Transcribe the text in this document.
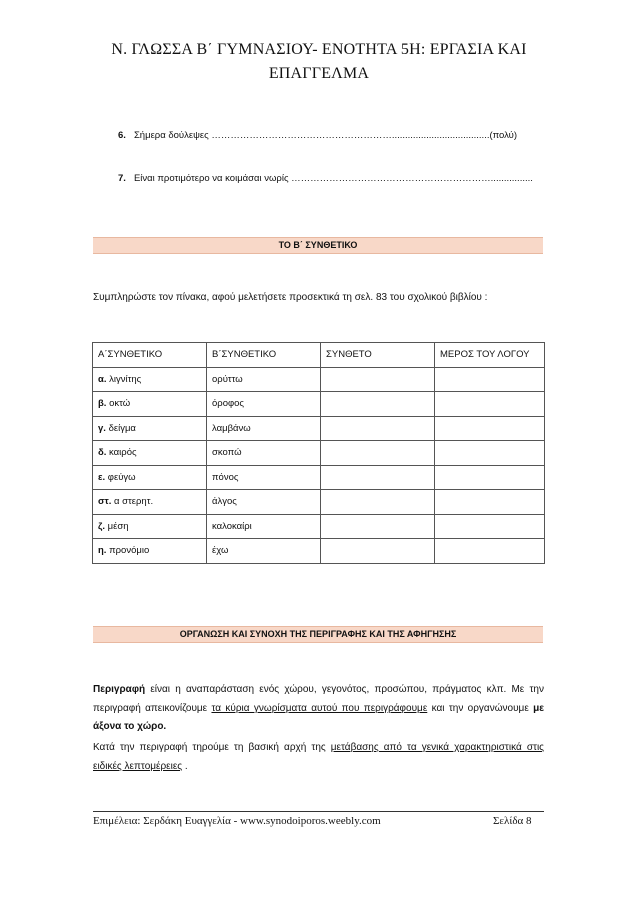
Ν. ΓΛΩΣΣΑ Β΄ ΓΥΜΝΑΣΙΟΥ- ΕΝΟΤΗΤΑ 5Η: ΕΡΓΑΣΙΑ ΚΑΙ
ΕΠΑΓΓΕΛΜΑ
6. Σήμερα δούλεψες ………………………………………………….....................................(πολύ)
7. Είναι προτιμότερο να κοιμάσαι νωρίς ………………………………………………………................
ΤΟ Β΄ ΣΥΝΘΕΤΙΚΟ
Συμπληρώστε τον πίνακα, αφού μελετήσετε προσεκτικά τη σελ. 83 του σχολικού βιβλίου :
Α΄ΣΥΝΘΕΤΙΚΟ	Β΄ΣΥΝΘΕΤΙΚΟ	ΣΥΝΘΕΤΟ	ΜΕΡΟΣ ΤΟΥ ΛΟΓΟΥ
α. λιγνίτης	ορύττω		
β. οκτώ	όροφος		
γ. δείγμα	λαμβάνω		
δ. καιρός	σκοπώ		
ε. φεύγω	πόνος		
στ. α στερητ.	άλγος		
ζ. μέση	καλοκαίρι		
η. προνόμιο	έχω		
ΟΡΓΑΝΩΣΗ ΚΑΙ ΣΥΝΟΧΗ ΤΗΣ ΠΕΡΙΓΡΑΦΗΣ ΚΑΙ ΤΗΣ ΑΦΗΓΗΣΗΣ
Περιγραφή είναι η αναπαράσταση ενός χώρου, γεγονότος, προσώπου, πράγματος κλπ. Με την περιγραφή απεικονίζουμε τα κύρια γνωρίσματα αυτού που περιγράφουμε και την οργανώνουμε με άξονα το χώρο.
Κατά την περιγραφή τηρούμε τη βασική αρχή της μετάβασης από τα γενικά χαρακτηριστικά στις ειδικές λεπτομέρειες .
Επιμέλεια: Σερδάκη Ευαγγελία - www.synodoiporos.weebly.com	Σελίδα 8
